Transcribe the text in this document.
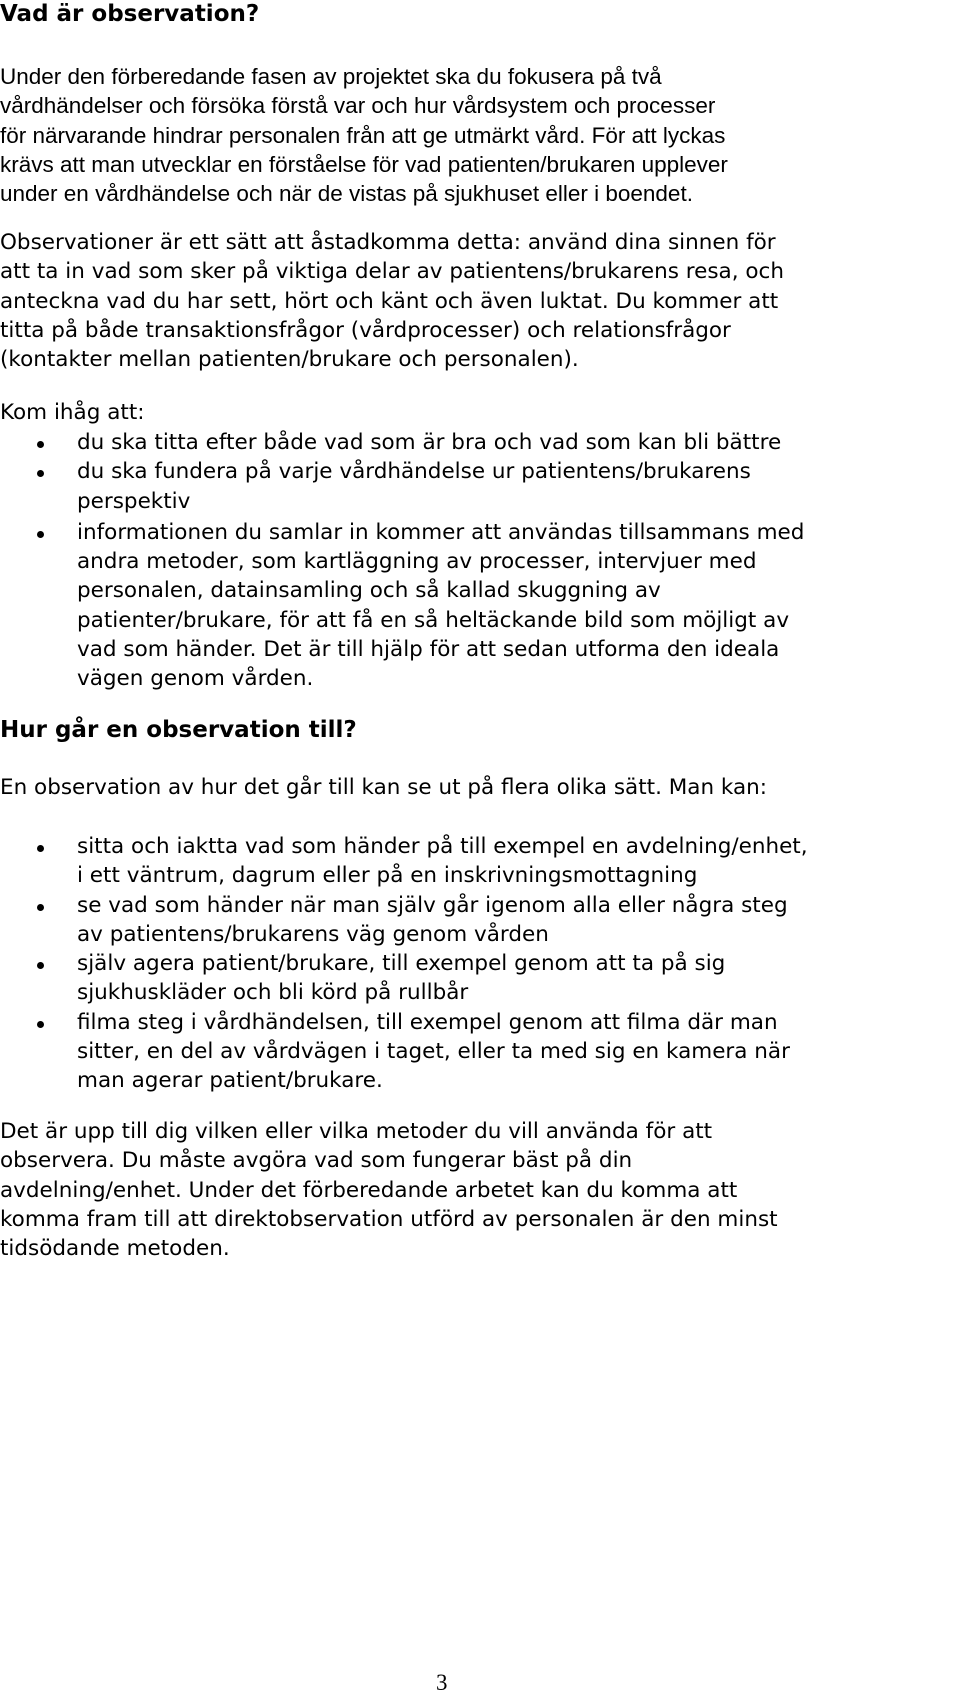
Vad är observation?

Under den förberedande fasen av projektet ska du fokusera på två
vårdhändelser och försöka förstå var och hur vårdsystem och processer
för närvarande hindrar personalen från att ge utmärkt vård. För att lyckas
krävs att man utvecklar en förståelse för vad patienten/brukaren upplever
under en vårdhändelse och när de vistas på sjukhuset eller i boendet.

Observationer är ett sätt att åstadkomma detta: använd dina sinnen för
att ta in vad som sker på viktiga delar av patientens/brukarens resa, och
anteckna vad du har sett, hört och känt och även luktat. Du kommer att
titta på både transaktionsfrågor (vårdprocesser) och relationsfrågor
(kontakter mellan patienten/brukare och personalen).

Kom ihåg att:

du ska titta efter både vad som är bra och vad som kan bli bättre
du ska fundera på varje vårdhändelse ur patientens/brukarens
perspektiv
informationen du samlar in kommer att användas tillsammans med
andra metoder, som kartläggning av processer, intervjuer med
personalen, datainsamling och så kallad skuggning av
patienter/brukare, för att få en så heltäckande bild som möjligt av
vad som händer. Det är till hjälp för att sedan utforma den ideala
vägen genom vården.
Hur går en observation till?

En observation av hur det går till kan se ut på flera olika sätt. Man kan:

sitta och iaktta vad som händer på till exempel en avdelning/enhet,
i ett väntrum, dagrum eller på en inskrivningsmottagning
se vad som händer när man själv går igenom alla eller några steg
av patientens/brukarens väg genom vården
själv agera patient/brukare, till exempel genom att ta på sig
sjukhuskläder och bli körd på rullbår
filma steg i vårdhändelsen, till exempel genom att filma där man
sitter, en del av vårdvägen i taget, eller ta med sig en kamera när
man agerar patient/brukare.

Det är upp till dig vilken eller vilka metoder du vill använda för att
observera. Du måste avgöra vad som fungerar bäst på din
avdelning/enhet. Under det förberedande arbetet kan du komma att
komma fram till att direktobservation utförd av personalen är den minst
tidsödande metoden.

3
